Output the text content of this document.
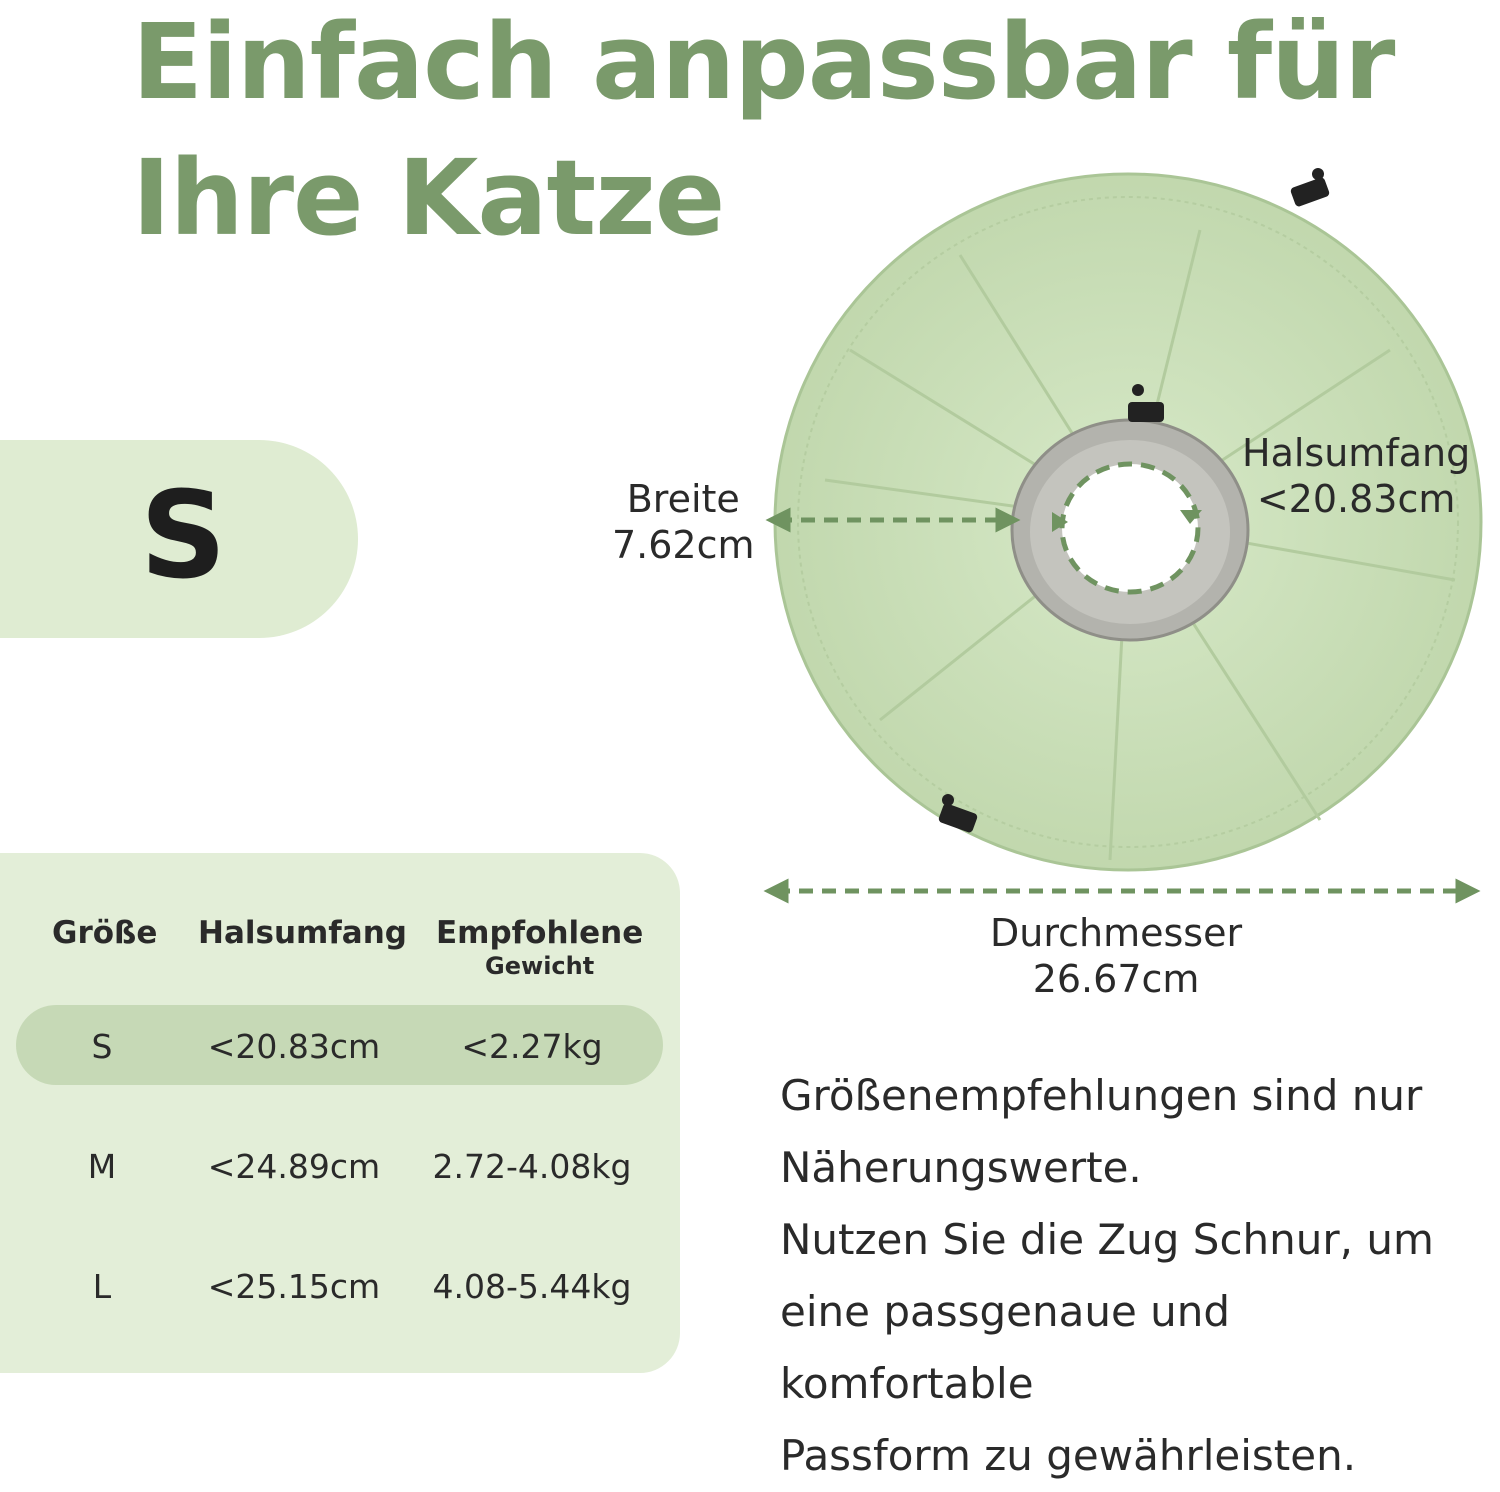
Einfach anpassbar für
Ihre Katze
S	Breite
7.62cm
Halsumfang
<20.83cm
Durchmesser
26.67cm
Größe Halsumfang Empfohlene
Gewicht
S	<20.83cm	<2.27kg
M	<24.89cm	2.72-4.08kg
L	<25.15cm	4.08-5.44kg

Größenempfehlungen sind nur

Näherungswerte.

Nutzen Sie die Zug Schnur, um

eine passgenaue und komfortable

Passform zu gewährleisten.
